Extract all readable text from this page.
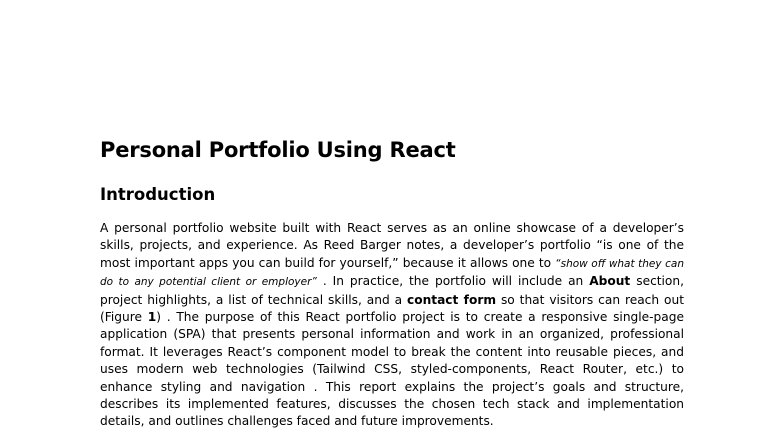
Personal Portfolio Using React
Introduction

A personal portfolio website built with React serves as an online showcase of a developer’s skills, projects, and experience. As Reed Barger notes, a developer’s portfolio “is one of the most important apps you can build for yourself,” because it allows one to “show off what they can do to any potential client or employer” . In practice, the portfolio will include an About section, project highlights, a list of technical skills, and a contact form so that visitors can reach out (Figure 1) . The purpose of this React portfolio project is to create a responsive single-page application (SPA) that presents personal information and work in an organized, professional format. It leverages React’s component model to break the content into reusable pieces, and uses modern web technologies (Tailwind CSS, styled-components, React Router, etc.) to enhance styling and navigation . This report explains the project’s goals and structure, describes its implemented features, discusses the chosen tech stack and implementation details, and outlines challenges faced and future improvements.
